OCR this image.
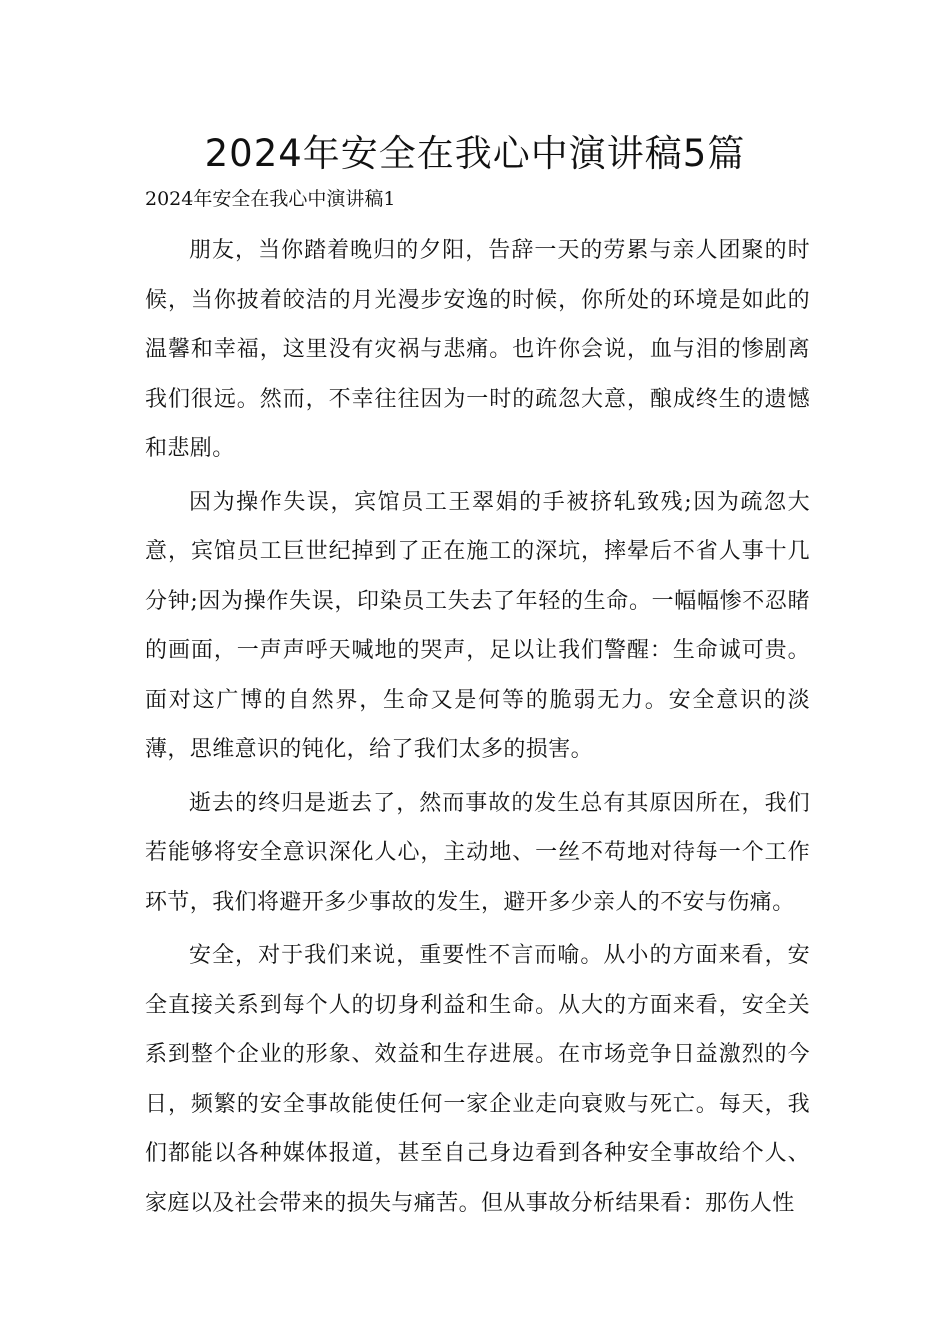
2024年安全在我心中演讲稿5篇
2024年安全在我心中演讲稿1

朋友，当你踏着晚归的夕阳，告辞一天的劳累与亲人团聚的时候，当你披着皎洁的月光漫步安逸的时候，你所处的环境是如此的温馨和幸福，这里没有灾祸与悲痛。也许你会说，血与泪的惨剧离我们很远。然而，不幸往往因为一时的疏忽大意，酿成终生的遗憾和悲剧。

因为操作失误，宾馆员工王翠娟的手被挤轧致残;因为疏忽大意，宾馆员工巨世纪掉到了正在施工的深坑，摔晕后不省人事十几分钟;因为操作失误，印染员工失去了年轻的生命。一幅幅惨不忍睹的画面，一声声呼天喊地的哭声，足以让我们警醒：生命诚可贵。面对这广博的自然界，生命又是何等的脆弱无力。安全意识的淡薄，思维意识的钝化，给了我们太多的损害。

逝去的终归是逝去了，然而事故的发生总有其原因所在，我们若能够将安全意识深化人心，主动地、一丝不苟地对待每一个工作环节，我们将避开多少事故的发生，避开多少亲人的不安与伤痛。

安全，对于我们来说，重要性不言而喻。从小的方面来看，安全直接关系到每个人的切身利益和生命。从大的方面来看，安全关系到整个企业的形象、效益和生存进展。在市场竞争日益激烈的今日，频繁的安全事故能使任何一家企业走向衰败与死亡。每天，我们都能以各种媒体报道，甚至自己身边看到各种安全事故给个人、家庭以及社会带来的损失与痛苦。但从事故分析结果看：那伤人性
